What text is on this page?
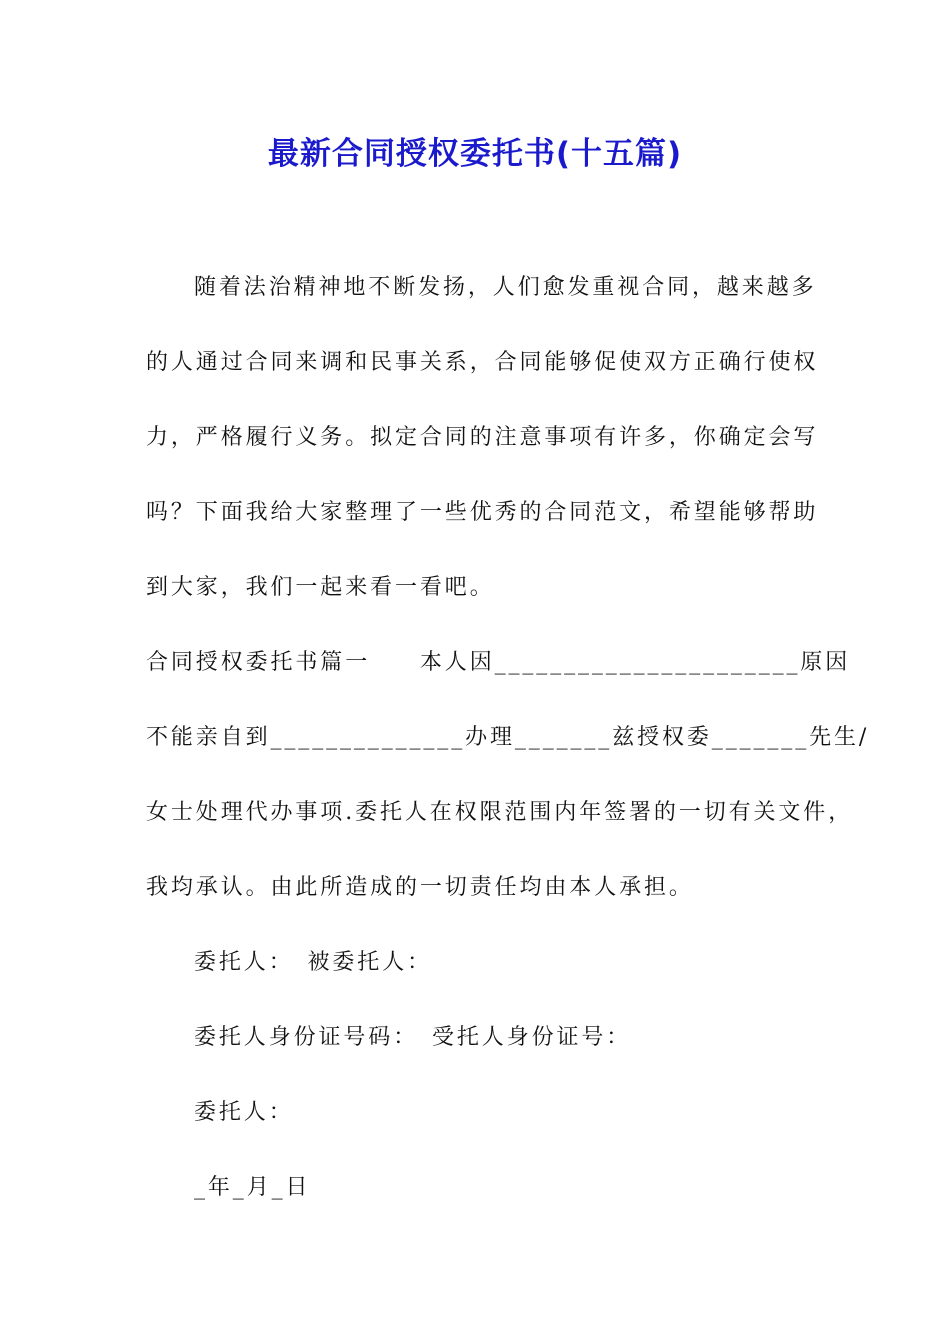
最新合同授权委托书(十五篇)
随着法治精神地不断发扬，人们愈发重视合同，越来越多
的人通过合同来调和民事关系，合同能够促使双方正确行使权
力，严格履行义务。拟定合同的注意事项有许多，你确定会写
吗？下面我给大家整理了一些优秀的合同范文，希望能够帮助
到大家，我们一起来看一看吧。
合同授权委托书篇一　　本人因______________________原因
不能亲自到______________办理_______兹授权委_______先生/
女士处理代办事项.委托人在权限范围内年签署的一切有关文件，
我均承认。由此所造成的一切责任均由本人承担。
委托人：　被委托人：
委托人身份证号码：　受托人身份证号：
委托人：
_年_月_日
